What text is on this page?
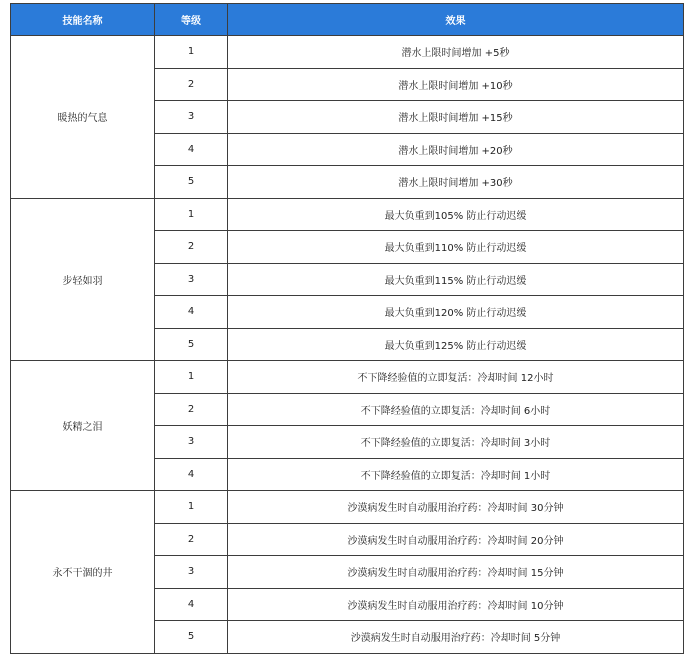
技能名称	等级	效果
暖热的气息	1	潜水上限时间增加 +5秒
	2	潜水上限时间增加 +10秒
	3	潜水上限时间增加 +15秒
	4	潜水上限时间增加 +20秒
	5	潜水上限时间增加 +30秒
步轻如羽	1	最大负重到105% 防止行动迟缓
	2	最大负重到110% 防止行动迟缓
	3	最大负重到115% 防止行动迟缓
	4	最大负重到120% 防止行动迟缓
	5	最大负重到125% 防止行动迟缓
妖精之泪	1	不下降经验值的立即复活：冷却时间 12小时
	2	不下降经验值的立即复活：冷却时间 6小时
	3	不下降经验值的立即复活：冷却时间 3小时
	4	不下降经验值的立即复活：冷却时间 1小时
永不干涸的井	1	沙漠病发生时自动服用治疗药：冷却时间 30分钟
	2	沙漠病发生时自动服用治疗药：冷却时间 20分钟
	3	沙漠病发生时自动服用治疗药：冷却时间 15分钟
	4	沙漠病发生时自动服用治疗药：冷却时间 10分钟
	5	沙漠病发生时自动服用治疗药：冷却时间 5分钟
